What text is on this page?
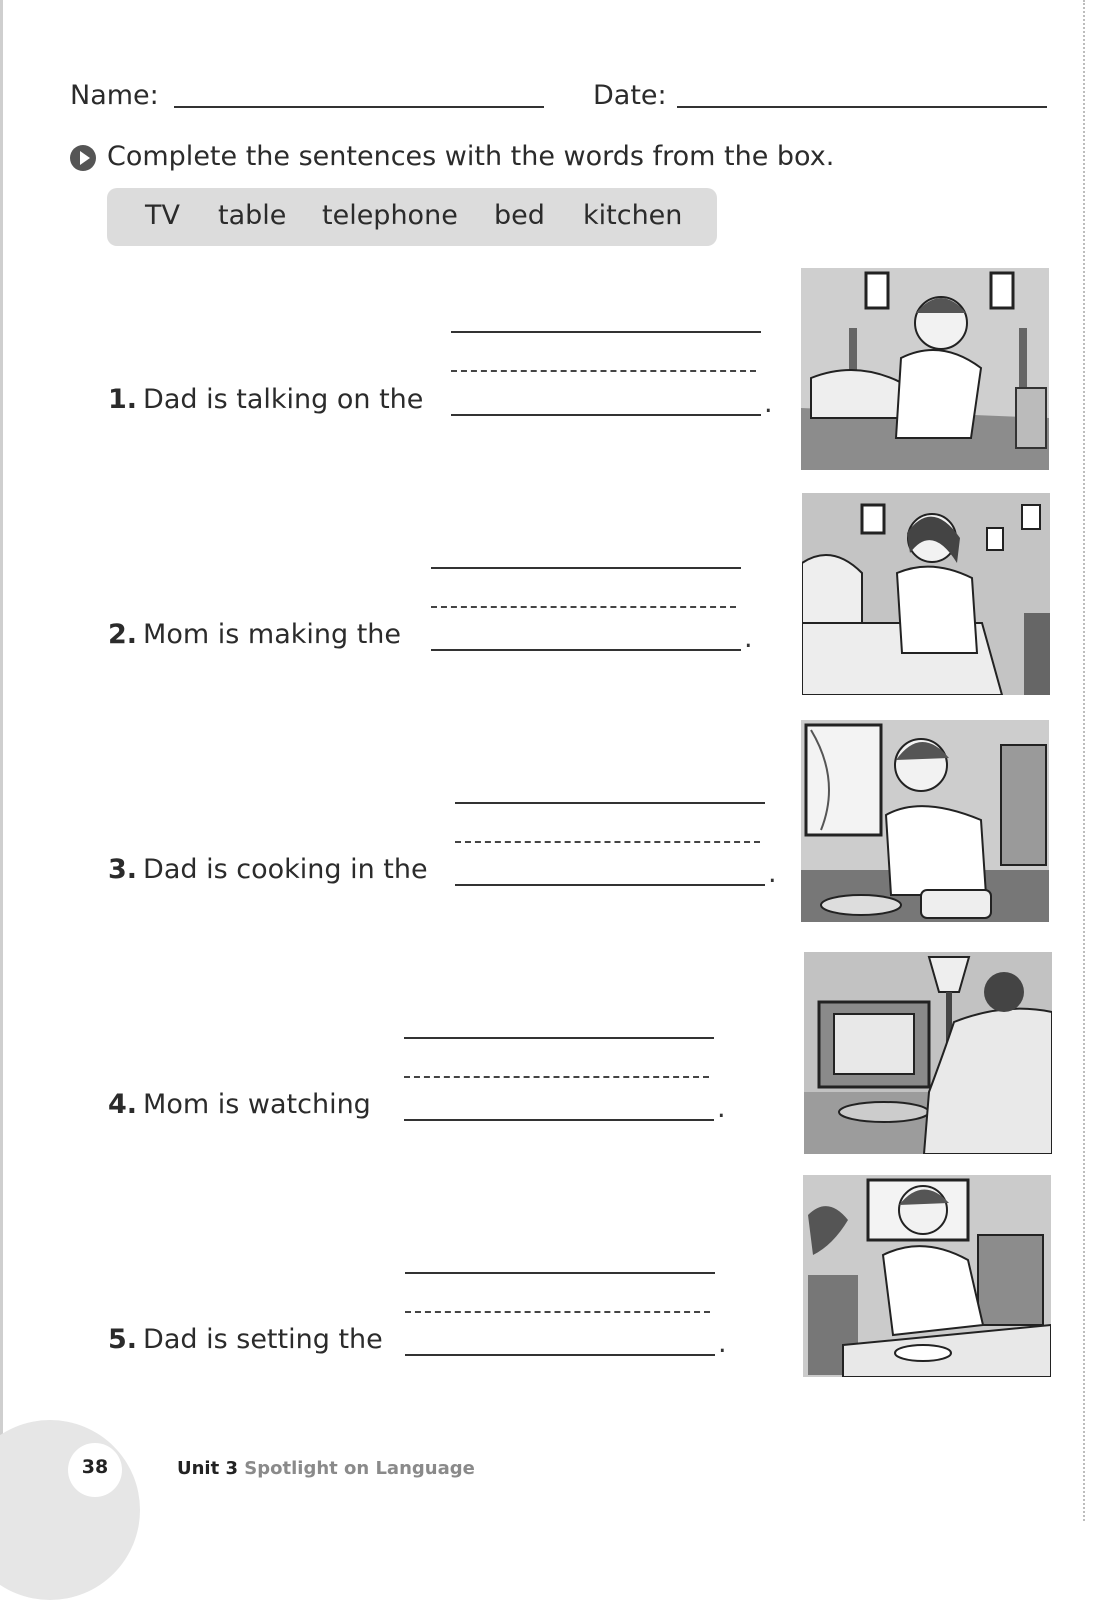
Name:	Date:
Complete the sentences with the words from the box.
TV table telephone bed kitchen
1. Dad is talking on the	.
2. Mom is making the	.
3. Dad is cooking in the	.
4. Mom is watching	.
5. Dad is setting the	.
38	Unit 3 Spotlight on Language
